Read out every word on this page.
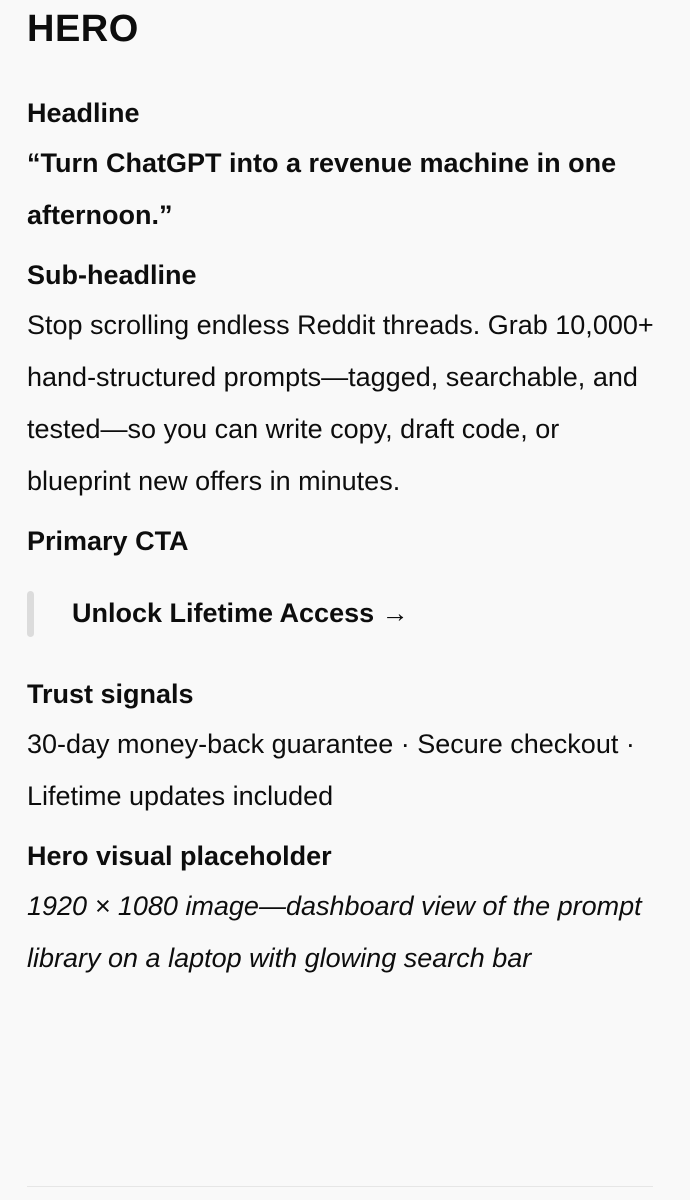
HERO

Headline

“Turn ChatGPT into a revenue machine in one afternoon.”

Sub-headline

Stop scrolling endless Reddit threads. Grab 10,000+ hand-structured prompts—tagged, searchable, and tested—so you can write copy, draft code, or blueprint new offers in minutes.

Primary CTA

Unlock Lifetime Access →

Trust signals

30-day money-back guarantee · Secure checkout · Lifetime updates included

Hero visual placeholder

1920 × 1080 image—dashboard view of the prompt library on a laptop with glowing search bar
